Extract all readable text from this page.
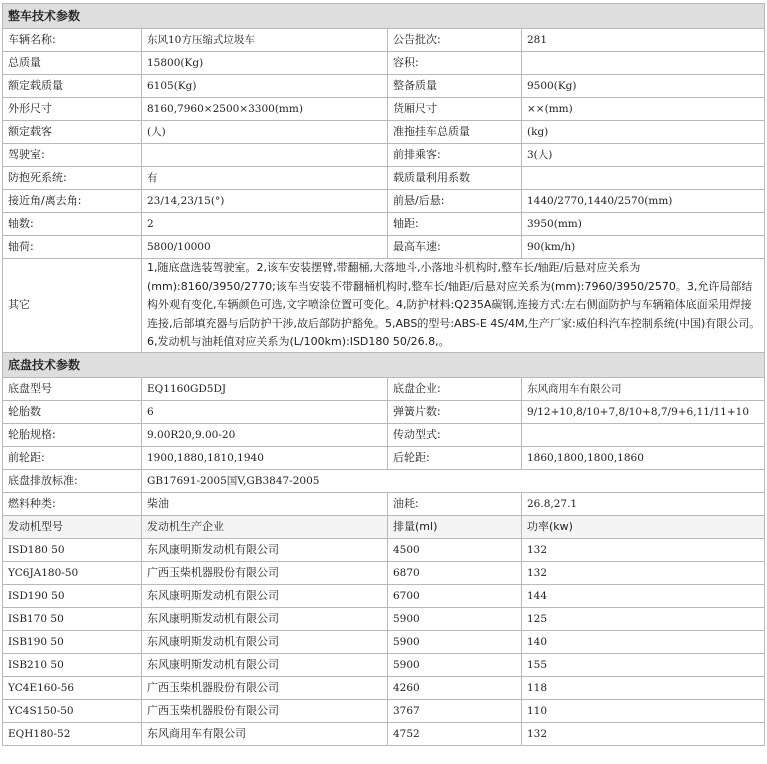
整车技术参数			
车辆名称:	东风10方压缩式垃圾车	公告批次:	281
总质量	15800(Kg)	容积:	
额定载质量	6105(Kg)	整备质量	9500(Kg)
外形尺寸	8160,7960×2500×3300(mm)	货厢尺寸	××(mm)
额定载客	(人)	准拖挂车总质量	(kg)
驾驶室:		前排乘客:	3(人)
防抱死系统:	有	载质量利用系数	
接近角/离去角:	23/14,23/15(°)	前悬/后悬:	1440/2770,1440/2570(mm)
轴数:	2	轴距:	3950(mm)
轴荷:	5800/10000	最高车速:	90(km/h)
其它	1,随底盘选装驾驶室。2,该车安装摆臂,带翻桶,大落地斗,小落地斗机构时,整车长/轴距/后悬对应关系为(mm):8160/3950/2770;该车当安装不带翻桶机构时,整车长/轴距/后悬对应关系为(mm):7960/3950/2570。3,允许局部结构外观有变化,车辆颜色可选,文字喷涂位置可变化。4,防护材料:Q235A碳钢,连接方式:左右侧面防护与车辆箱体底面采用焊接连接,后部填充器与后防护干涉,故后部防护豁免。5,ABS的型号:ABS-E 4S/4M,生产厂家:威伯科汽车控制系统(中国)有限公司。6,发动机与油耗值对应关系为(L/100km):ISD180 50/26.8,。		
底盘技术参数			
底盘型号	EQ1160GD5DJ	底盘企业:	东风商用车有限公司
轮胎数	6	弹簧片数:	9/12+10,8/10+7,8/10+8,7/9+6,11/11+10
轮胎规格:	9.00R20,9.00-20	传动型式:	
前轮距:	1900,1880,1810,1940	后轮距:	1860,1800,1800,1860
底盘排放标准:	GB17691-2005国V,GB3847-2005		
燃料种类:	柴油	油耗:	26.8,27.1
发动机型号	发动机生产企业	排量(ml)	功率(kw)
ISD180 50	东风康明斯发动机有限公司	4500	132
YC6JA180-50	广西玉柴机器股份有限公司	6870	132
ISD190 50	东风康明斯发动机有限公司	6700	144
ISB170 50	东风康明斯发动机有限公司	5900	125
ISB190 50	东风康明斯发动机有限公司	5900	140
ISB210 50	东风康明斯发动机有限公司	5900	155
YC4E160-56	广西玉柴机器股份有限公司	4260	118
YC4S150-50	广西玉柴机器股份有限公司	3767	110
EQH180-52	东风商用车有限公司	4752	132
